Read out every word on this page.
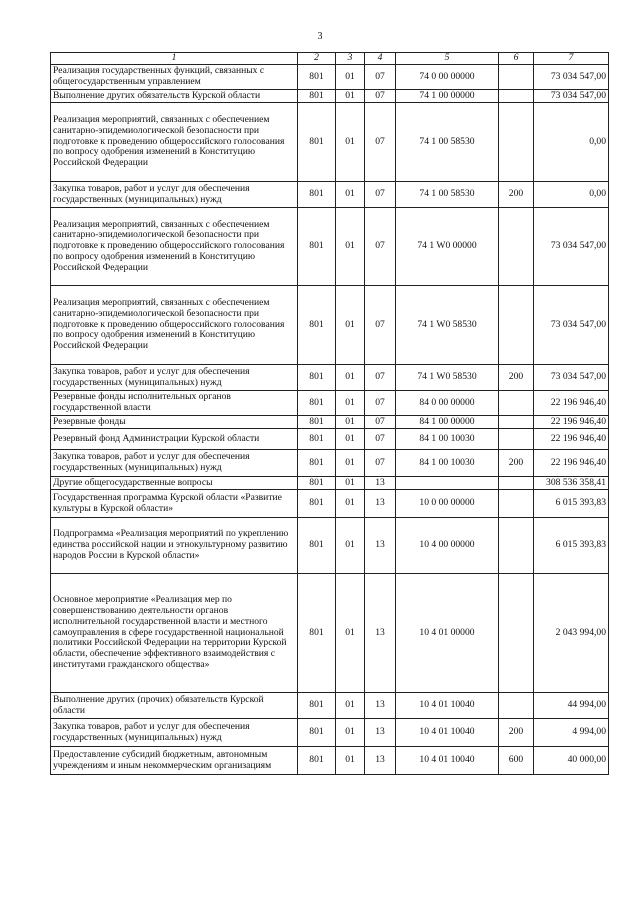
3
1	2	3	4	5	6	7
Реализация государственных функций, связанных с общегосударственным управлением	801	01	07	74 0 00 00000		73 034 547,00
Выполнение других обязательств Курской области	801	01	07	74 1 00 00000		73 034 547,00
Реализация мероприятий, связанных с обеспечением санитарно-эпидемиологической безопасности при подготовке к проведению общероссийского голосования по вопросу одобрения изменений в Конституцию Российской Федерации	801	01	07	74 1 00 58530		0,00
Закупка товаров, работ и услуг для обеспечения государственных (муниципальных) нужд	801	01	07	74 1 00 58530	200	0,00
Реализация мероприятий, связанных с обеспечением санитарно-эпидемиологической безопасности при подготовке к проведению общероссийского голосования по вопросу одобрения изменений в Конституцию Российской Федерации	801	01	07	74 1 W0 00000		73 034 547,00
Реализация мероприятий, связанных с обеспечением санитарно-эпидемиологической безопасности при подготовке к проведению общероссийского голосования по вопросу одобрения изменений в Конституцию Российской Федерации	801	01	07	74 1 W0 58530		73 034 547,00
Закупка товаров, работ и услуг для обеспечения государственных (муниципальных) нужд	801	01	07	74 1 W0 58530	200	73 034 547,00
Резервные фонды исполнительных органов государственной власти	801	01	07	84 0 00 00000		22 196 946,40
Резервные фонды	801	01	07	84 1 00 00000		22 196 946,40
Резервный фонд Администрации Курской области	801	01	07	84 1 00 10030		22 196 946,40
Закупка товаров, работ и услуг для обеспечения государственных (муниципальных) нужд	801	01	07	84 1 00 10030	200	22 196 946,40
Другие общегосударственные вопросы	801	01	13			308 536 358,41
Государственная программа Курской области «Развитие культуры в Курской области»	801	01	13	10 0 00 00000		6 015 393,83
Подпрограмма «Реализация мероприятий по укреплению единства российской нации и этнокультурному развитию народов России в Курской области»	801	01	13	10 4 00 00000		6 015 393,83
Основное мероприятие «Реализация мер по совершенствованию деятельности органов исполнительной государственной власти и местного самоуправления в сфере государственной национальной политики Российской Федерации на территории Курской области, обеспечение эффективного взаимодействия с институтами гражданского общества»	801	01	13	10 4 01 00000		2 043 994,00
Выполнение других (прочих) обязательств Курской области	801	01	13	10 4 01 10040		44 994,00
Закупка товаров, работ и услуг для обеспечения государственных (муниципальных) нужд	801	01	13	10 4 01 10040	200	4 994,00
Предоставление субсидий бюджетным, автономным учреждениям и иным некоммерческим организациям	801	01	13	10 4 01 10040	600	40 000,00
